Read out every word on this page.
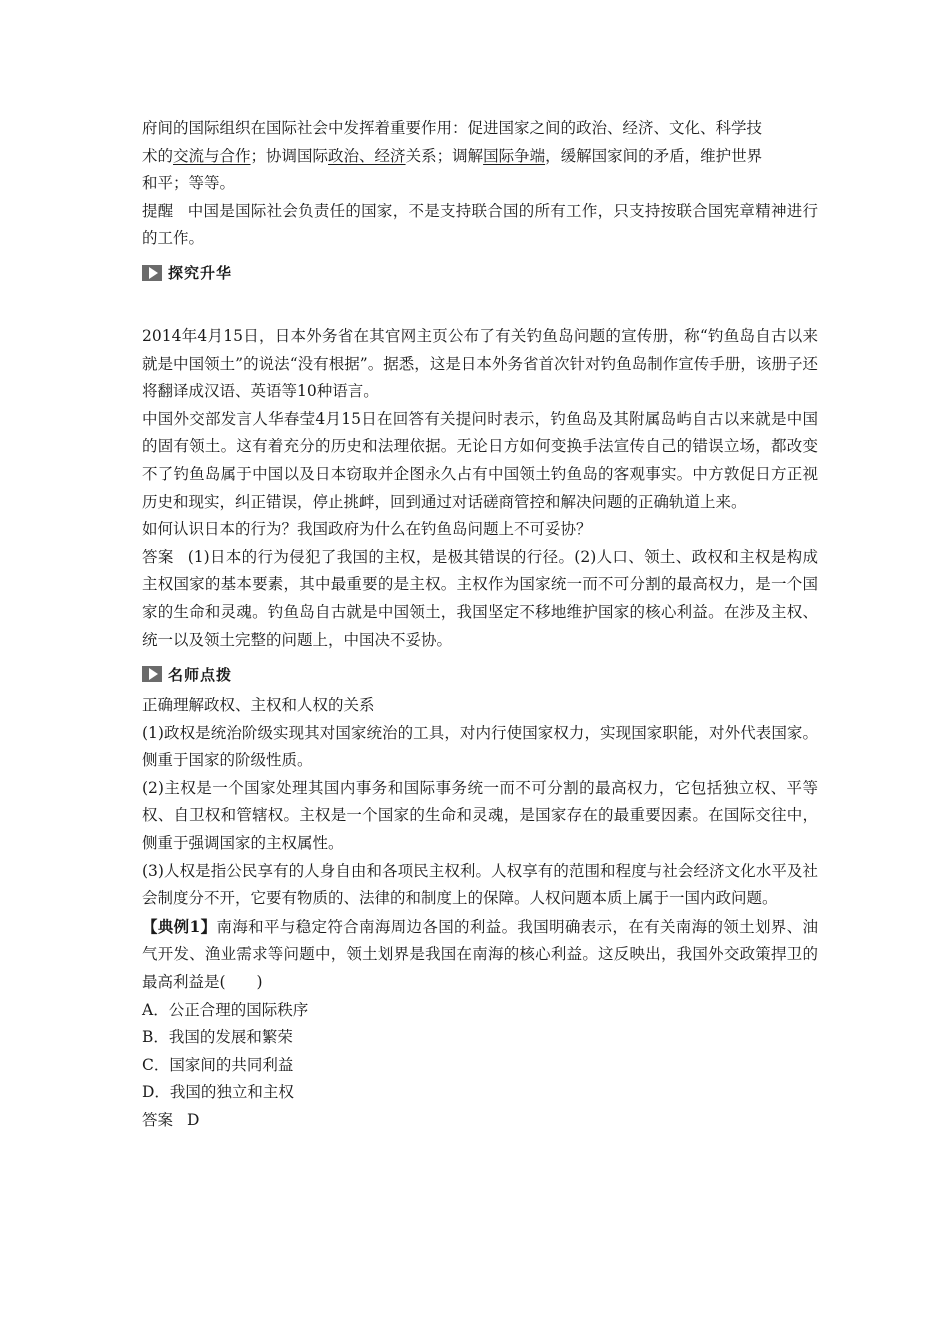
府间的国际组织在国际社会中发挥着重要作用：促进国家之间的政治、经济、文化、科学技

术的交流与合作；协调国际政治、经济关系；调解国际争端，缓解国家间的矛盾，维护世界

和平；等等。

提醒 中国是国际社会负责任的国家，不是支持联合国的所有工作，只支持按联合国宪章精神进行的工作。

探究升华

2014年4月15日，日本外务省在其官网主页公布了有关钓鱼岛问题的宣传册，称“钓鱼岛自古以来就是中国领土”的说法“没有根据”。据悉，这是日本外务省首次针对钓鱼岛制作宣传手册，该册子还将翻译成汉语、英语等10种语言。

中国外交部发言人华春莹4月15日在回答有关提问时表示，钓鱼岛及其附属岛屿自古以来就是中国的固有领土。这有着充分的历史和法理依据。无论日方如何变换手法宣传自己的错误立场，都改变不了钓鱼岛属于中国以及日本窃取并企图永久占有中国领土钓鱼岛的客观事实。中方敦促日方正视历史和现实，纠正错误，停止挑衅，回到通过对话磋商管控和解决问题的正确轨道上来。

如何认识日本的行为？我国政府为什么在钓鱼岛问题上不可妥协？

答案 (1)日本的行为侵犯了我国的主权，是极其错误的行径。(2)人口、领土、政权和主权是构成主权国家的基本要素，其中最重要的是主权。主权作为国家统一而不可分割的最高权力，是一个国家的生命和灵魂。钓鱼岛自古就是中国领土，我国坚定不移地维护国家的核心利益。在涉及主权、统一以及领土完整的问题上，中国决不妥协。

名师点拨

正确理解政权、主权和人权的关系

(1)政权是统治阶级实现其对国家统治的工具，对内行使国家权力，实现国家职能，对外代表国家。侧重于国家的阶级性质。

(2)主权是一个国家处理其国内事务和国际事务统一而不可分割的最高权力，它包括独立权、平等权、自卫权和管辖权。主权是一个国家的生命和灵魂，是国家存在的最重要因素。在国际交往中，侧重于强调国家的主权属性。

(3)人权是指公民享有的人身自由和各项民主权利。人权享有的范围和程度与社会经济文化水平及社会制度分不开，它要有物质的、法律的和制度上的保障。人权问题本质上属于一国内政问题。

【典例1】南海和平与稳定符合南海周边各国的利益。我国明确表示，在有关南海的领土划界、油气开发、渔业需求等问题中，领土划界是我国在南海的核心利益。这反映出，我国外交政策捍卫的最高利益是(　　)

A．公正合理的国际秩序

B．我国的发展和繁荣

C．国家间的共同利益

D．我国的独立和主权

答案 D
